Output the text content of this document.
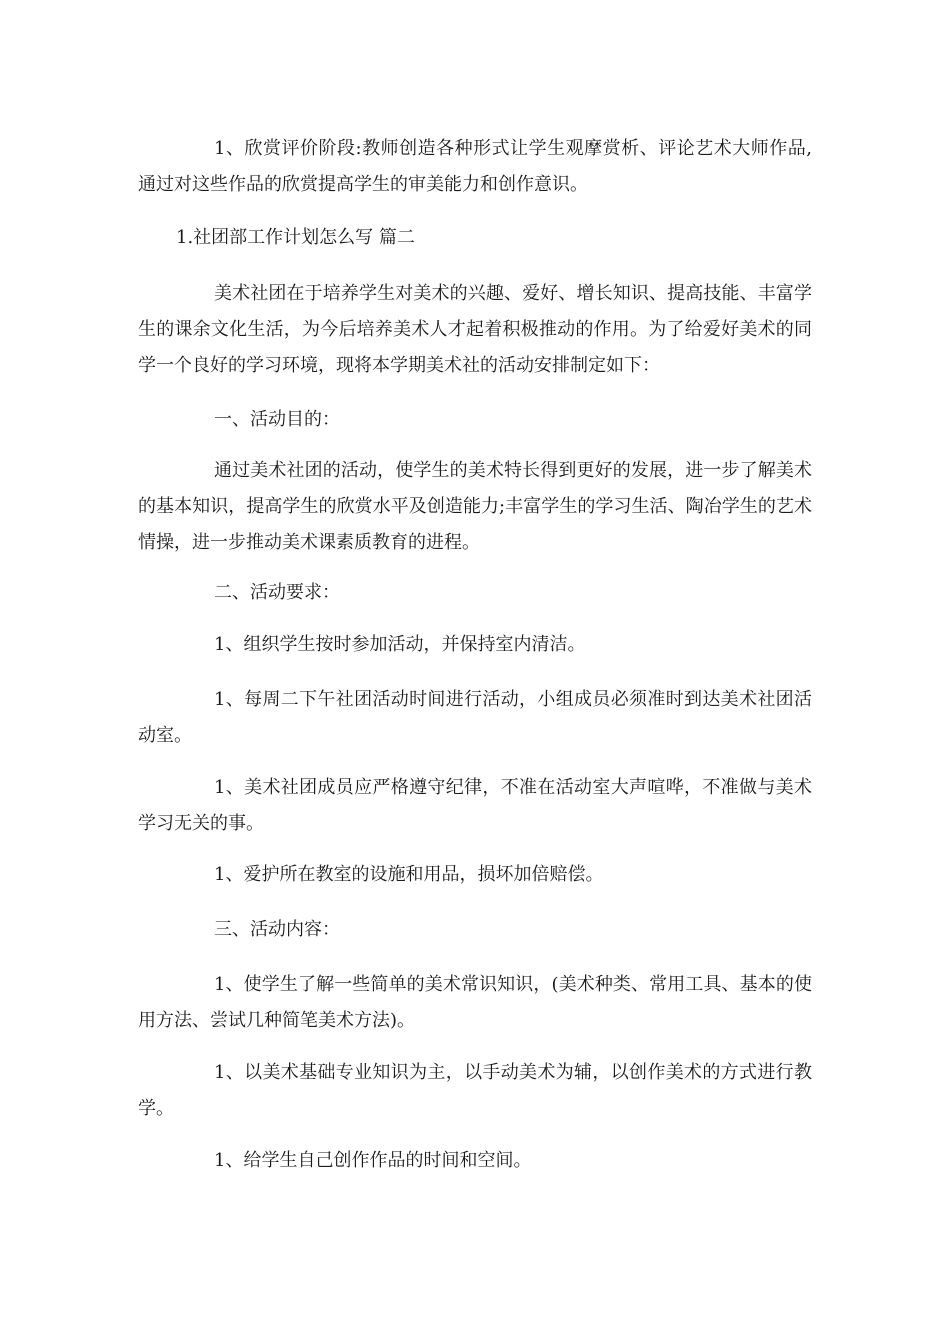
1、欣赏评价阶段:教师创造各种形式让学生观摩赏析、评论艺术大师作品,通过对这些作品的欣赏提高学生的审美能力和创作意识。

1.社团部工作计划怎么写 篇二

美术社团在于培养学生对美术的兴趣、爱好、增长知识、提高技能、丰富学生的课余文化生活，为今后培养美术人才起着积极推动的作用。为了给爱好美术的同学一个良好的学习环境，现将本学期美术社的活动安排制定如下：

一、活动目的：

通过美术社团的活动，使学生的美术特长得到更好的发展，进一步了解美术的基本知识，提高学生的欣赏水平及创造能力;丰富学生的学习生活、陶冶学生的艺术情操，进一步推动美术课素质教育的进程。

二、活动要求：

1、组织学生按时参加活动，并保持室内清洁。

1、每周二下午社团活动时间进行活动，小组成员必须准时到达美术社团活动室。

1、美术社团成员应严格遵守纪律，不准在活动室大声喧哗，不准做与美术学习无关的事。

1、爱护所在教室的设施和用品，损坏加倍赔偿。

三、活动内容：

1、使学生了解一些简单的美术常识知识，(美术种类、常用工具、基本的使用方法、尝试几种简笔美术方法)。

1、以美术基础专业知识为主，以手动美术为辅，以创作美术的方式进行教学。

1、给学生自己创作作品的时间和空间。
